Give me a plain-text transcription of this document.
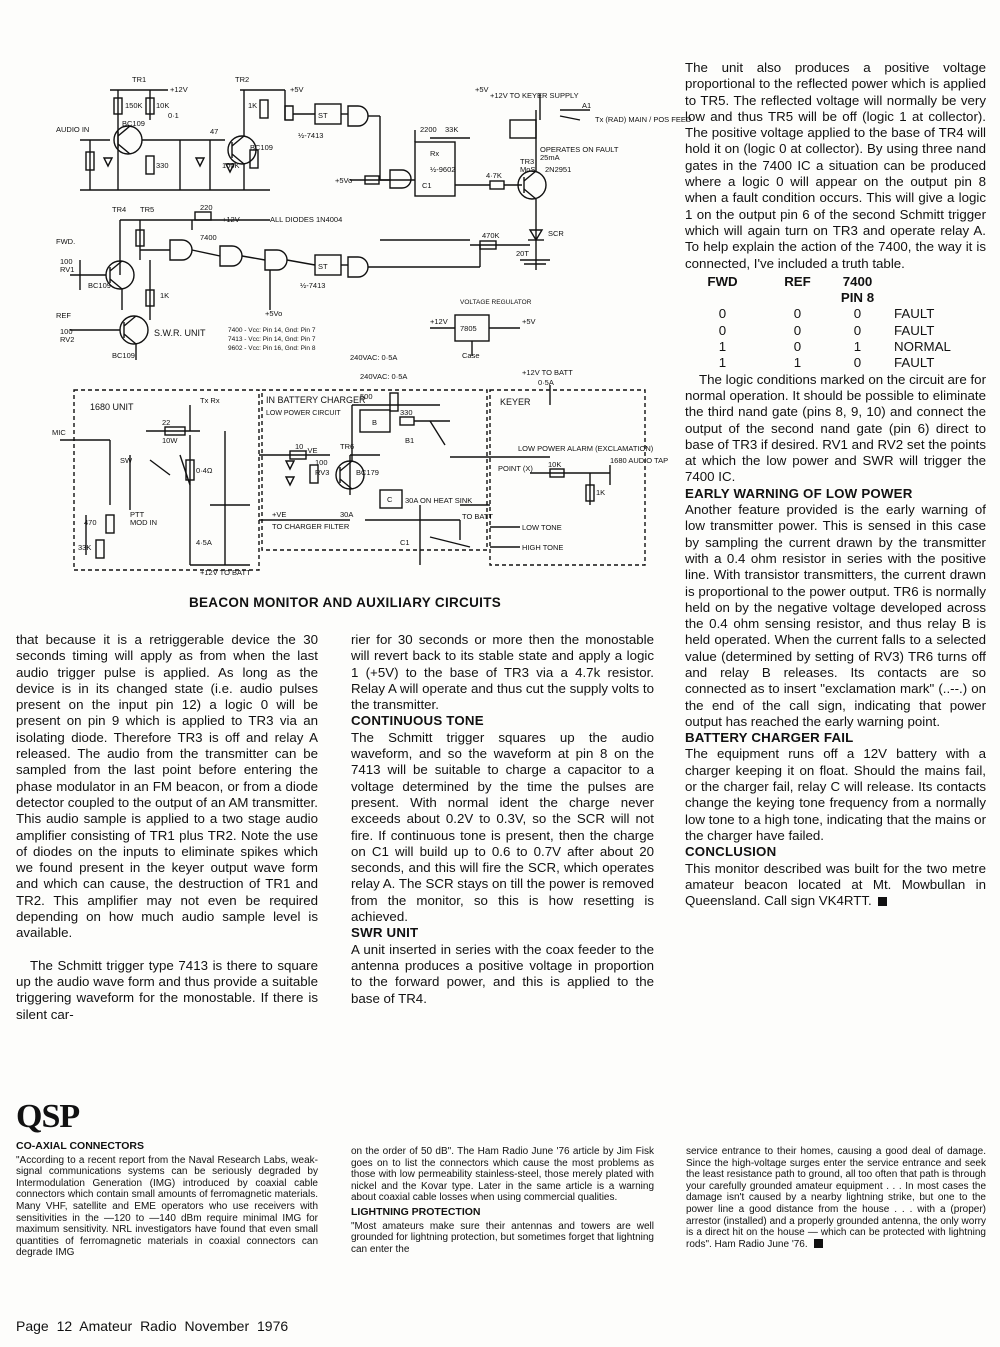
TR1	TR2
+12V	+5V
AUDIO IN
150K 10K
0·1
BC109
BC109
330
47
1K
100K
ST
½-7413
+12V TO KEYER SUPPLY
A1
Tx (RAD) MAIN / POS FEED
2200 33K
Rx
½-9602
C1
+5V
+5Vo
OPERATES ON FAULT
25mA
TR3
MoS 2N2951
4·7K
470K
20T
SCR
ALL DIODES 1N4004
TR4 TR5	220
+12V
FWD.
100
RV1
BC109
REF
100
RV2
BC109
7400
ST
½-7413
1K
S.W.R. UNIT	7400 - Vcc: Pin 14, Gnd: Pin 7
7413 - Vcc: Pin 14, Gnd: Pin 7
9602 - Vcc: Pin 16, Gnd: Pin 8
VOLTAGE REGULATOR
+12V	+5V
7805
Case
+5Vo
240VAC: 0·5A
1680 UNIT
Tx Rx
22
10W
MIC
SW
PTT
MOD IN
470
33K
0·4Ω
4·5A
+12V TO BATT
IN BATTERY CHARGER
LOW POWER CIRCUIT
500
B
330
B1
10 -VE
100
RV3
TR6
BC179
C 30A ON HEAT SINK
+VE
TO CHARGER FILTER
30A	TO BATT
C1
240VAC: 0·5A
KEYER
+12V TO BATT
0·5A
LOW POWER ALARM (EXCLAMATION)
POINT (X) 10K	1680 AUDIO TAP
1K
LOW TONE
HIGH TONE
BEACON MONITOR AND AUXILIARY CIRCUITS

that because it is a retriggerable device the 30 seconds timing will apply as from when the last audio trigger pulse is applied. As long as the device is in its changed state (i.e. audio pulses present on the input pin 12) a logic 0 will be present on pin 9 which is applied to TR3 via an isolating diode. Therefore TR3 is off and relay A released. The audio from the transmitter can be sampled from the last point before entering the phase modulator in an FM beacon, or from a diode detector coupled to the output of an AM transmitter. This audio sample is applied to a two stage audio amplifier consisting of TR1 plus TR2. Note the use of diodes on the inputs to eliminate spikes which we found present in the keyer output wave form and which can cause, the destruction of TR1 and TR2. This amplifier may not even be required depending on how much audio sample level is available.

The Schmitt trigger type 7413 is there to square up the audio wave form and thus provide a suitable triggering waveform for the monostable. If there is silent car-

rier for 30 seconds or more then the monostable will revert back to its stable state and apply a logic 1 (+5V) to the base of TR3 via a 4.7k resistor. Relay A will operate and thus cut the supply volts to the transmitter.

CONTINUOUS TONE

The Schmitt trigger squares up the audio waveform, and so the waveform at pin 8 on the 7413 will be suitable to charge a capacitor to a voltage determined by the time the pulses are present. With normal ident the charge never exceeds about 0.2V to 0.3V, so the SCR will not fire. If continuous tone is present, then the charge on C1 will build up to 0.6 to 0.7V after about 20 seconds, and this will fire the SCR, which operates relay A. The SCR stays on till the power is removed from the monitor, so this is how resetting is achieved.

SWR UNIT

A unit inserted in series with the coax feeder to the antenna produces a positive voltage in proportion to the forward power, and this is applied to the base of TR4.

The unit also produces a positive voltage proportional to the reflected power which is applied to TR5. The reflected voltage will normally be very low and thus TR5 will be off (logic 1 at collector). The positive voltage applied to the base of TR4 will hold it on (logic 0 at collector). By using three nand gates in the 7400 IC a situation can be produced where a logic 0 will appear on the output pin 8 when a fault condition occurs. This will give a logic 1 on the output pin 6 of the second Schmitt trigger which will again turn on TR3 and operate relay A. To help explain the action of the 7400, the way it is connected, I've included a truth table.

FWD	REF	7400	
		PIN 8	
0	0	0	FAULT
0	0	0	FAULT
1	0	1	NORMAL
1	1	0	FAULT

The logic conditions marked on the circuit are for normal operation. It should be possible to eliminate the third nand gate (pins 8, 9, 10) and connect the output of the second nand gate (pin 6) direct to base of TR3 if desired. RV1 and RV2 set the points at which the low power and SWR will trigger the 7400 IC.

EARLY WARNING OF LOW POWER

Another feature provided is the early warning of low transmitter power. This is sensed in this case by sampling the current drawn by the transmitter with a 0.4 ohm resistor in series with the positive line. With transistor transmitters, the current drawn is proportional to the power output. TR6 is normally held on by the negative voltage developed across the 0.4 ohm sensing resistor, and thus relay B is held operated. When the current falls to a selected value (determined by setting of RV3) TR6 turns off and relay B releases. Its contacts are so connected as to insert "exclamation mark" (..--.) on the end of the call sign, indicating that power output has reached the early warning point.

BATTERY CHARGER FAIL

The equipment runs off a 12V battery with a charger keeping it on float. Should the mains fail, or the charger fail, relay C will release. Its contacts change the keying tone frequency from a normally low tone to a high tone, indicating that the mains or the charger have failed.

CONCLUSION

This monitor described was built for the two metre amateur beacon located at Mt. Mowbullan in Queensland. Call sign VK4RTT.

QSP
CO-AXIAL CONNECTORS

"According to a recent report from the Naval Research Labs, weak-signal communications systems can be seriously degraded by Intermodulation Generation (IMG) introduced by coaxial cable connectors which contain small amounts of ferromagnetic materials. Many VHF, satellite and EME operators who use receivers with sensitivities in the —120 to —140 dBm require minimal IMG for maximum sensitivity. NRL investigators have found that even small quantities of ferromagnetic materials in coaxial connectors can degrade IMG

on the order of 50 dB". The Ham Radio June '76 article by Jim Fisk goes on to list the connectors which cause the most problems as those with low permeability stainless-steel, those merely plated with nickel and the Kovar type. Later in the same article is a warning about coaxial cable losses when using commercial qualities.

LIGHTNING PROTECTION

"Most amateurs make sure their antennas and towers are well grounded for lightning protection, but sometimes forget that lightning can enter the

service entrance to their homes, causing a good deal of damage. Since the high-voltage surges enter the service entrance and seek the least resistance path to ground, all too often that path is through your carefully grounded amateur equipment . . . In most cases the damage isn't caused by a nearby lightning strike, but one to the power line a good distance from the house . . . with a (proper) arrestor (installed) and a properly grounded antenna, the only worry is a direct hit on the house — which can be protected with lightning rods". Ham Radio June '76.

Page 12 Amateur Radio November 1976
